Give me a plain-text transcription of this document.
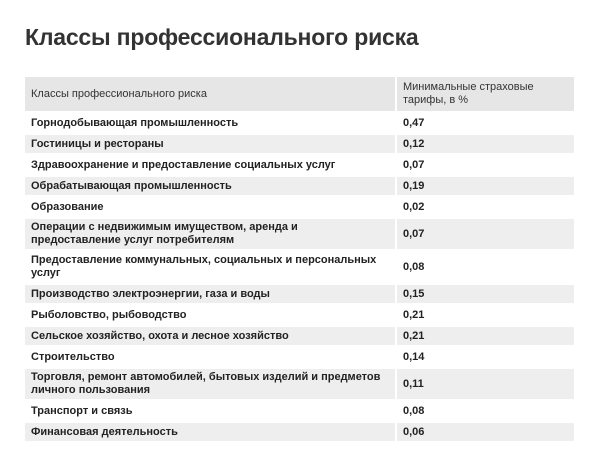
Классы профессионального риска
Классы профессионального риска	Минимальные страховые тарифы, в %
Горнодобывающая промышленность	0,47
Гостиницы и рестораны	0,12
Здравоохранение и предоставление социальных услуг	0,07
Обрабатывающая промышленность	0,19
Образование	0,02
Операции с недвижимым имуществом, аренда и предоставление услуг потребителям	0,07
Предоставление коммунальных, социальных и персональных услуг	0,08
Производство электроэнергии, газа и воды	0,15
Рыболовство, рыбоводство	0,21
Сельское хозяйство, охота и лесное хозяйство	0,21
Строительство	0,14
Торговля, ремонт автомобилей, бытовых изделий и предметов личного пользования	0,11
Транспорт и связь	0,08
Финансовая деятельность	0,06
